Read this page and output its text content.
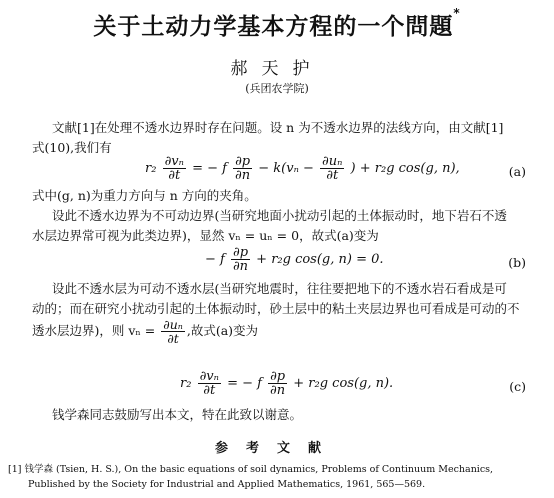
关于土动力学基本方程的一个問題*
郝天护
(兵团农学院)
文献[1]在处理不透水边界时存在问题。设 n 为不透水边界的法线方向，由文献[1]
式(10),我们有
$r_2 \frac{\text{∂vₙ}}{\partial t}$ = − f $\frac{\partial p}{\partial n} - k(v_n - \frac{\text{∂uₙ}}{\partial t}$ ) + r₂g cos(g, n),	(a)
式中(g, n)为重力方向与 n 方向的夹角。
设此不透水边界为不可动边界(当研究地面小扰动引起的土体振动时，地下岩石不透
水层边界常可视为此类边界)，显然 vₙ = uₙ = 0，故式(a)变为
− f $\frac{\partial p}{\partial n} + r_2g$ cos(g, n) = 0.	(b)
设此不透水层为可动不透水层(当研究地震时，往往要把地下的不透水岩石看成是可
动的；而在研究小扰动引起的土体振动时，砂土层中的粘土夹层边界也可看成是可动的不
透水层边界)，则 $v_n = \frac{\text{∂uₙ}}{\partial t}$ ,故式(a)变为
$r_2 \frac{\text{∂vₙ}}{\partial t}$ = − f $\frac{\partial p}{\partial n} + r_2g$ cos(g, n).	(c)
钱学森同志鼓励写出本文，特在此致以谢意。
参考文献
[1] 钱学森 (Tsien, H. S.), On the basic equations of soil dynamics, Problems of Continuum Mechanics,
Published by the Society for Industrial and Applied Mathematics, 1961, 565—569.
